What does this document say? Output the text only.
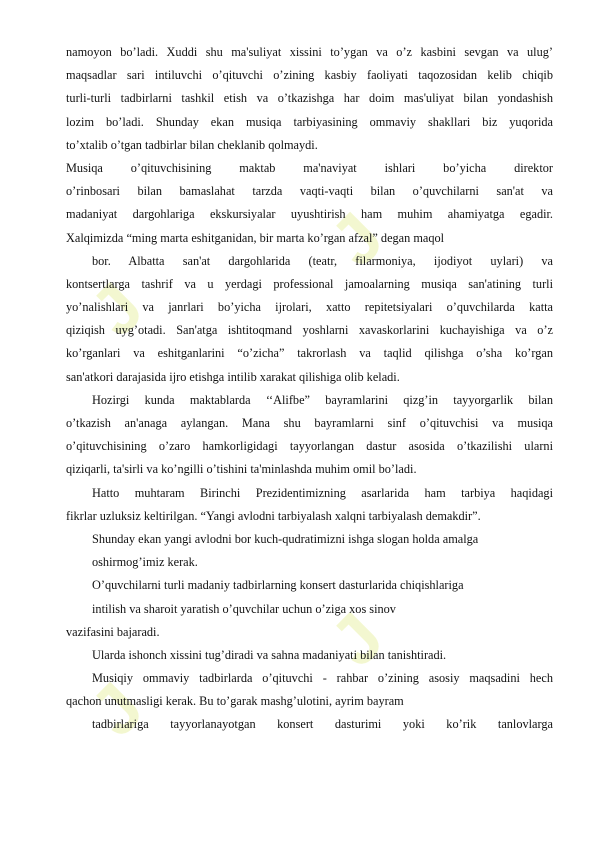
J
J
J
J
namoyon bo’ladi. Xuddi shu ma'suliyat xissini to’ygan va o’z kasbini sevgan va ulug’
maqsadlar sari intiluvchi o’qituvchi o’zining kasbiy faoliyati taqozosidan kelib chiqib
turli-turli tadbirlarni tashkil etish va o’tkazishga har doim mas'uliyat bilan yondashish
lozim bo’ladi. Shunday ekan musiqa tarbiyasining ommaviy shakllari biz yuqorida
to’xtalib o’tgan tadbirlar bilan cheklanib qolmaydi.
Musiqa o’qituvchisining maktab ma'naviyat ishlari bo’yicha direktor
o’rinbosari bilan bamaslahat tarzda vaqti-vaqti bilan o’quvchilarni san'at va
madaniyat dargohlariga ekskursiyalar uyushtirish ham muhim ahamiyatga egadir.
Xalqimizda “ming marta eshitganidan, bir marta ko’rgan afzal” degan maqol
bor. Albatta san'at dargohlarida (teatr, filarmoniya, ijodiyot uylari) va
kontsertlarga tashrif va u yerdagi professional jamoalarning musiqa san'atining turli
yo’nalishlari va janrlari bo’yicha ijrolari, xatto repitetsiyalari o’quvchilarda katta
qiziqish uyg’otadi. San'atga ishtitoqmand yoshlarni xavaskorlarini kuchayishiga va o’z
ko’rganlari va eshitganlarini “o’zicha” takrorlash va taqlid qilishga o’sha ko’rgan
san'atkori darajasida ijro etishga intilib xarakat qilishiga olib keladi.
Hozirgi kunda maktablarda ‘‘Alifbe” bayramlarini qizg’in tayyorgarlik bilan
o’tkazish an'anaga aylangan. Mana shu bayramlarni sinf o’qituvchisi va musiqa
o’qituvchisining o’zaro hamkorligidagi tayyorlangan dastur asosida o’tkazilishi ularni
qiziqarli, ta'sirli va ko’ngilli o’tishini ta'minlashda muhim omil bo’ladi.
Hatto muhtaram Birinchi Prezidentimizning asarlarida ham tarbiya haqidagi
fikrlar uzluksiz keltirilgan. “Yangi avlodni tarbiyalash xalqni tarbiyalash demakdir”.
Shunday ekan yangi avlodni bor kuch-qudratimizni ishga slogan holda amalga
oshirmog’imiz kerak.
O’quvchilarni turli madaniy tadbirlarning konsert dasturlarida chiqishlariga
intilish va sharoit yaratish o’quvchilar uchun o’ziga xos sinov
vazifasini bajaradi.
Ularda ishonch xissini tug’diradi va sahna madaniyati bilan tanishtiradi.
Musiqiy ommaviy tadbirlarda o’qituvchi - rahbar o’zining asosiy maqsadini hech
qachon unutmasligi kerak. Bu to’garak mashg’ulotini, ayrim bayram
tadbirlariga tayyorlanayotgan konsert dasturimi yoki ko’rik tanlovlarga
